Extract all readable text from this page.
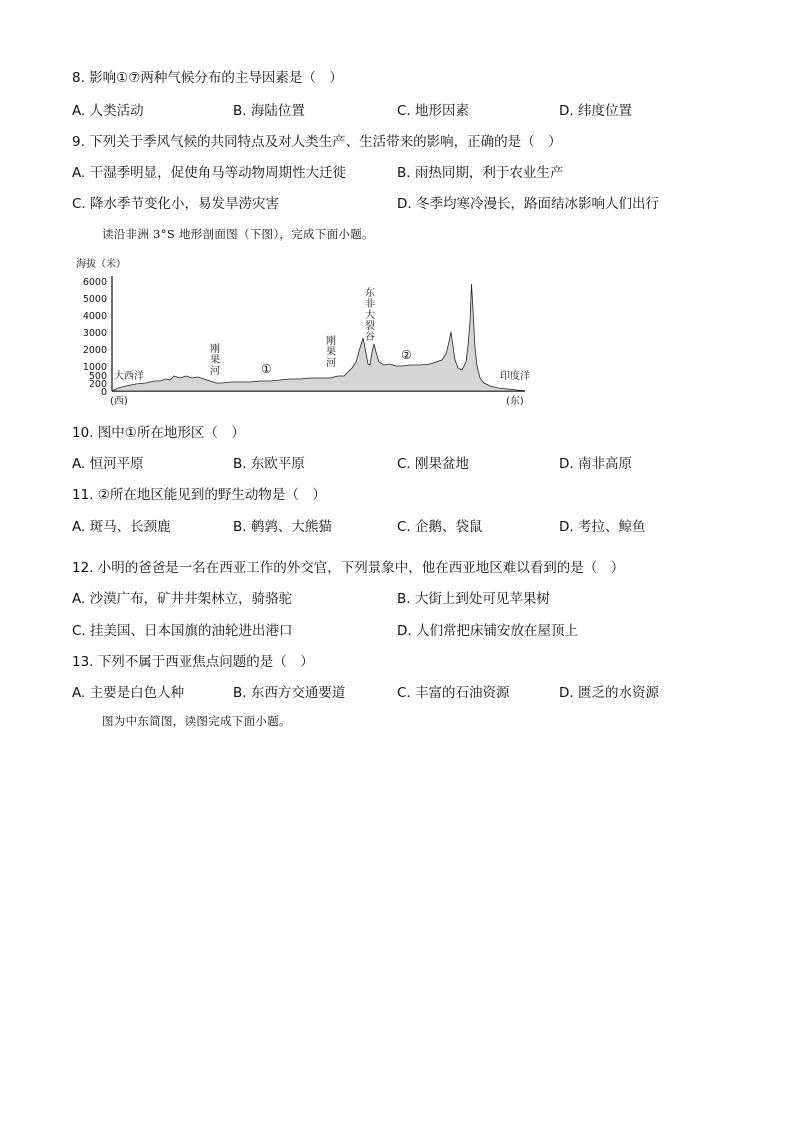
8. 影响①⑦两种气候分布的主导因素是（　）
A. 人类活动	B. 海陆位置	C. 地形因素	D. 纬度位置
9. 下列关于季风气候的共同特点及对人类生产、生活带来的影响，正确的是（　）
A. 干湿季明显，促使角马等动物周期性大迁徙	B. 雨热同期，利于农业生产
C. 降水季节变化小，易发旱涝灾害	D. 冬季均寒冷漫长，路面结冰影响人们出行
读沿非洲 3°S 地形剖面图（下图），完成下面小题。
海拔（米）
6000
5000
4000
3000
2000
1000
500
200
0
大西洋	印度洋
刚
果
河
刚
果
河
东
非
大
裂
谷
①
②
(西)	(东)
10. 图中①所在地形区（　）
A. 恒河平原	B. 东欧平原	C. 刚果盆地	D. 南非高原
11. ②所在地区能见到的野生动物是（　）
A. 斑马、长颈鹿	B. 鹌鹑、大熊猫	C. 企鹅、袋鼠	D. 考拉、鲸鱼
12. 小明的爸爸是一名在西亚工作的外交官，下列景象中，他在西亚地区难以看到的是（　）
A. 沙漠广布，矿井井架林立，骑骆驼	B. 大街上到处可见苹果树
C. 挂美国、日本国旗的油轮进出港口	D. 人们常把床铺安放在屋顶上
13. 下列不属于西亚焦点问题的是（　）
A. 主要是白色人种	B. 东西方交通要道	C. 丰富的石油资源	D. 匮乏的水资源
图为中东简图，读图完成下面小题。
